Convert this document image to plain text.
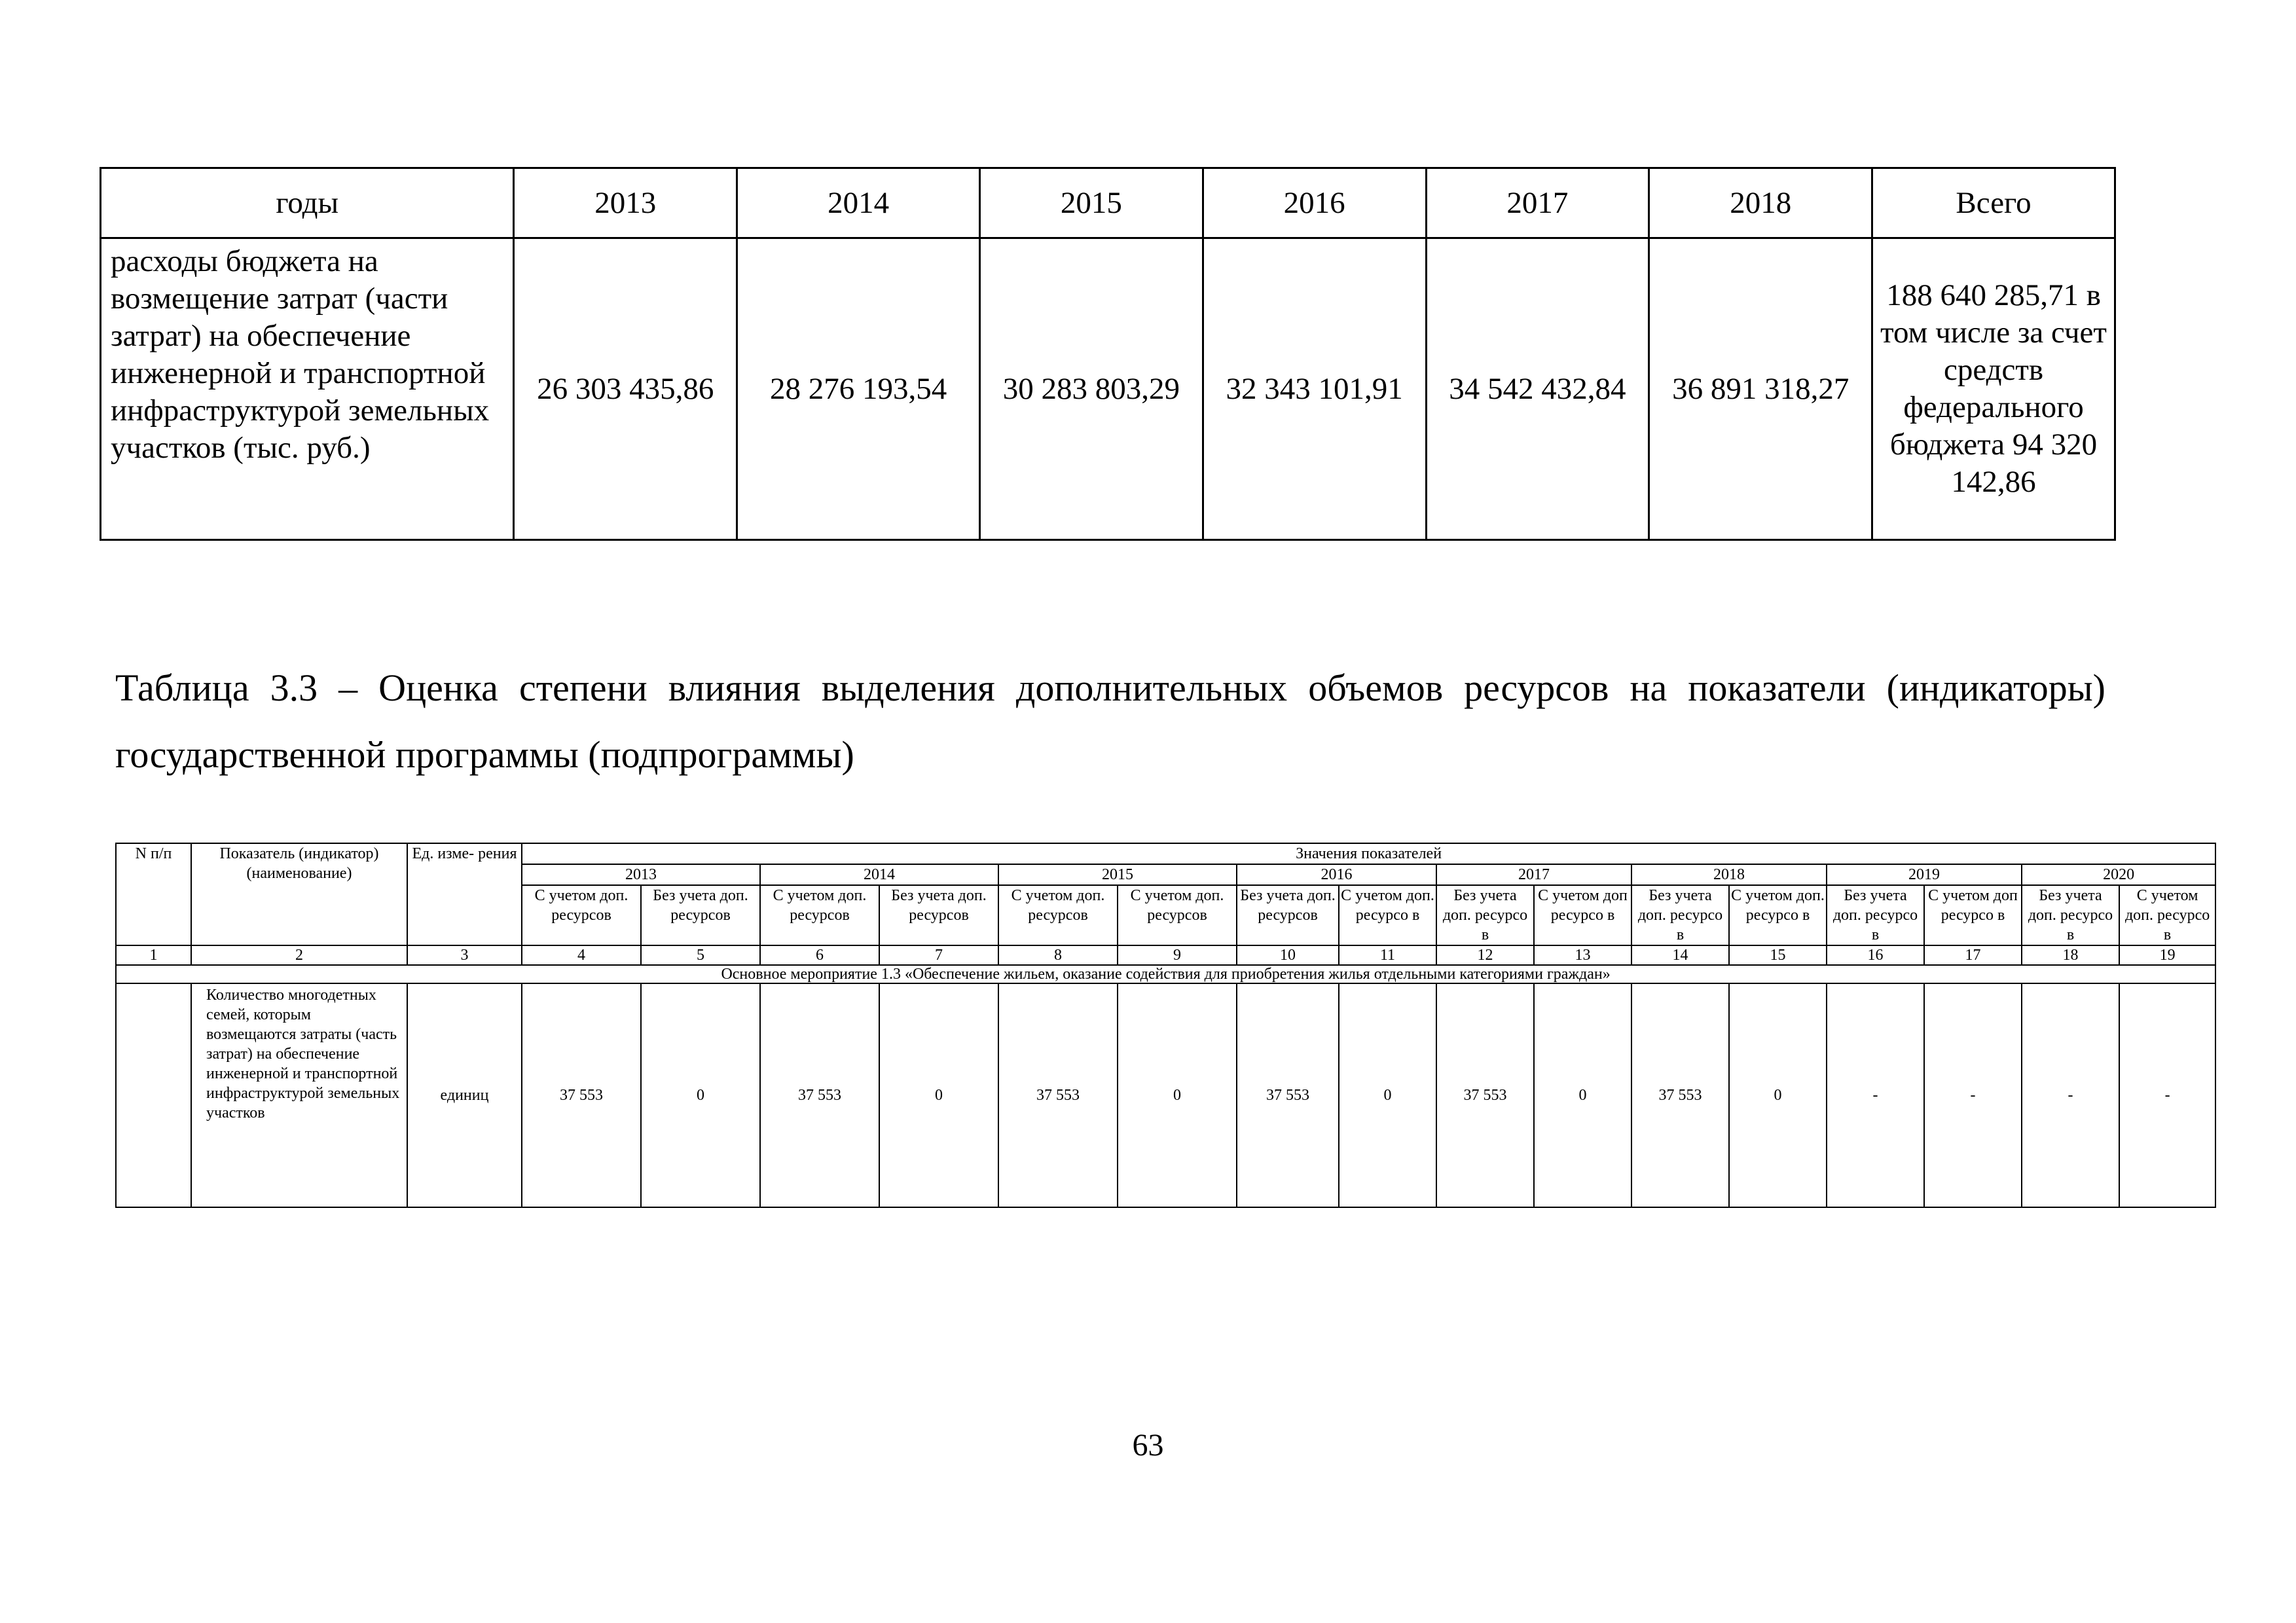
годы	2013	2014	2015	2016	2017	2018	Всего
расходы бюджета на возмещение затрат (части затрат) на обеспечение инженерной и транспортной инфраструктурой земельных участков (тыс. руб.)	26 303 435,86	28 276 193,54	30 283 803,29	32 343 101,91	34 542 432,84	36 891 318,27	188 640 285,71 в том числе за счет средств федерального бюджета 94 320 142,86

Таблица 3.3 – Оценка степени влияния выделения дополнительных объемов ресурсов на показатели (индикаторы)

государственной программы (подпрограммы)

N п/п	Показатель (индикатор) (наименование)	Ед. изме- рения	Значения показателей															
			2013		2014		2015		2016		2017		2018		2019		2020	
			С учетом доп. ресурсов	Без учета доп. ресурсов	С учетом доп. ресурсов	Без учета доп. ресурсов	С учетом доп. ресурсов	С учетом доп. ресурсов	Без учета доп. ресурсов	С учетом доп. ресурсо в	Без учета доп. ресурсо в	С учетом доп ресурсо в	Без учета доп. ресурсо в	С учетом доп. ресурсо в	Без учета доп. ресурсо в	С учетом доп ресурсо в	Без учета доп. ресурсо в	С учетом доп. ресурсо в
1	2	3	4	5	6	7	8	9	10	11	12	13	14	15	16	17	18	19
Основное мероприятие 1.3 «Обеспечение жильем, оказание содействия для приобретения жилья отдельными категориями граждан»																		
	Количество многодетных семей, которым возмещаются затраты (часть затрат) на обеспечение инженерной и транспортной инфраструктурой земельных участков	единиц	37 553	0	37 553	0	37 553	0	37 553	0	37 553	0	37 553	0	-	-	-	-
63
